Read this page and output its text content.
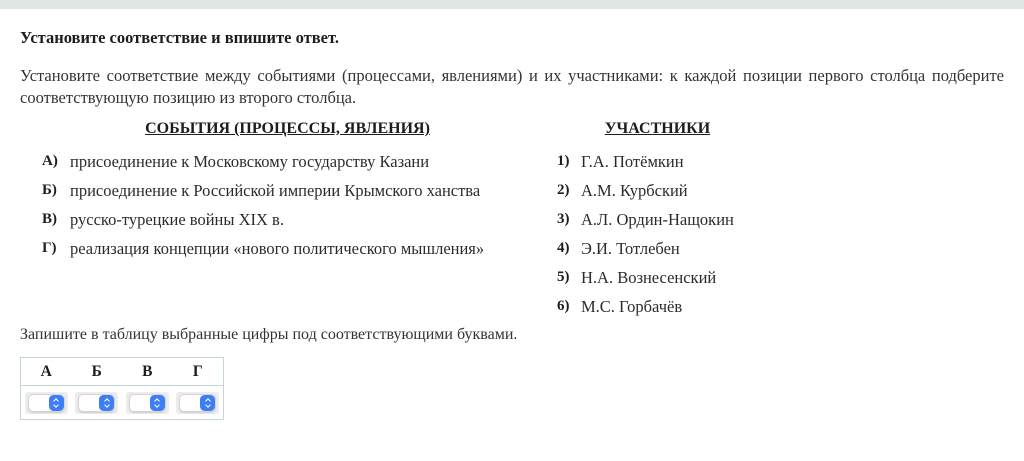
Установите соответствие и впишите ответ.

Установите соответствие между событиями (процессами, явлениями) и их участниками: к каждой позиции первого столбца подберите соответствующую позицию из второго столбца.

СОБЫТИЯ (ПРОЦЕССЫ, ЯВЛЕНИЯ)
А) присоединение к Московскому государству Казани
Б) присоединение к Российской империи Крымского ханства
В) русско-турецкие войны XIX в.
Г) реализация концепции «нового политического мышления»
УЧАСТНИКИ
1) Г.А. Потёмкин
2) А.М. Курбский
3) А.Л. Ордин-Нащокин
4) Э.И. Тотлебен
5) Н.А. Вознесенский
6) М.С. Горбачёв
Запишите в таблицу выбранные цифры под соответствующими буквами.
А	Б	В	Г
